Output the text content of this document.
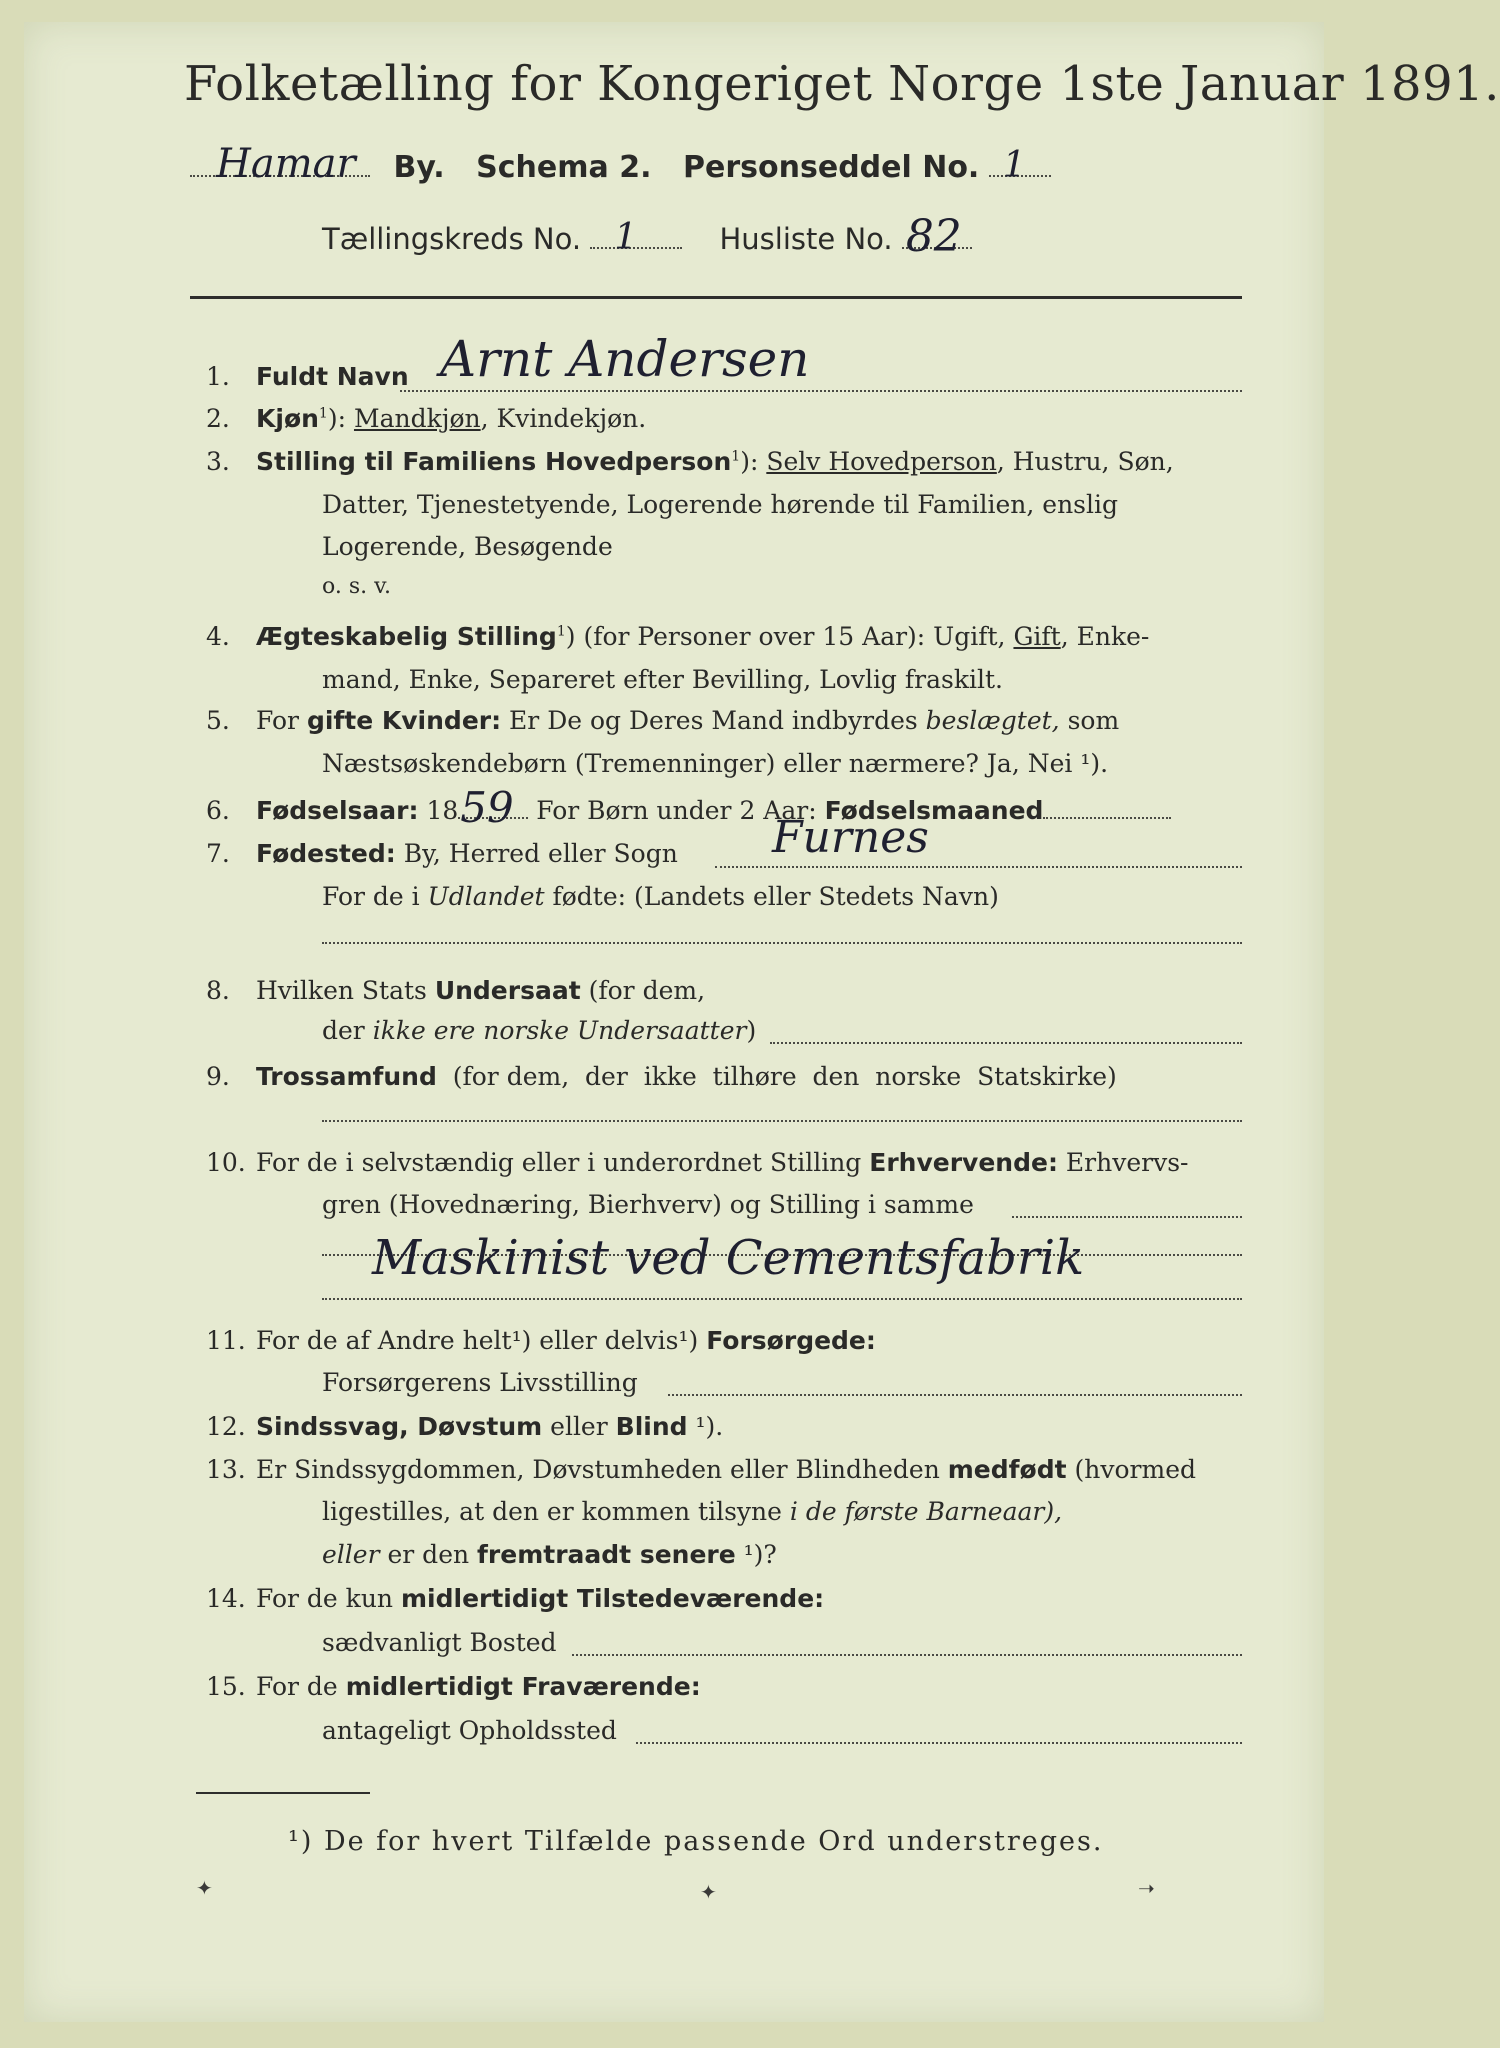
Folketælling for Kongeriget Norge 1ste Januar 1891.
Hamar By. Schema 2. Personseddel No. 1
Tællingskreds No. 1	Husliste No. 82
1. Fuldt Navn Arnt Andersen
2. Kjøn$^1$): Mandkjøn, Kvindekjøn.
3. Stilling til Familiens Hovedperson$^1$): Selv Hovedperson, Hustru, Søn,
Datter, Tjenestetyende, Logerende hørende til Familien, enslig
Logerende, Besøgende
o. s. v.
4. Ægteskabelig Stilling$^1$) (for Personer over 15 Aar): Ugift, Gift, Enke-
mand, Enke, Separeret efter Bevilling, Lovlig fraskilt.
5. For gifte Kvinder: Er De og Deres Mand indbyrdes beslægtet, som
Næstsøskendebørn (Tremenninger) eller nærmere? Ja, Nei ¹).
6. Fødselsaar: 18 59 For Børn under 2 Aar: Fødselsmaaned
7. Fødested: By, Herred eller Sogn Furnes
For de i Udlandet fødte: (Landets eller Stedets Navn)
8. Hvilken Stats Undersaat (for dem,
der ikke ere norske Undersaatter)
9. Trossamfund  (for dem,  der  ikke  tilhøre  den  norske  Statskirke)
10. For de i selvstændig eller i underordnet Stilling Erhvervende: Erhvervs-
gren (Hovednæring, Bierhverv) og Stilling i samme
Maskinist ved Cementsfabrik
11. For de af Andre helt¹) eller delvis¹) Forsørgede:
Forsørgerens Livsstilling
12. Sindssvag, Døvstum eller Blind ¹).
13. Er Sindssygdommen, Døvstumheden eller Blindheden medfødt (hvormed
ligestilles, at den er kommen tilsyne i de første Barneaar),
eller er den fremtraadt senere ¹)?
14. For de kun midlertidigt Tilstedeværende:
sædvanligt Bosted
15. For de midlertidigt Fraværende:
antageligt Opholdssted
¹) De for hvert Tilfælde passende Ord understreges.
✦	✦	➝
